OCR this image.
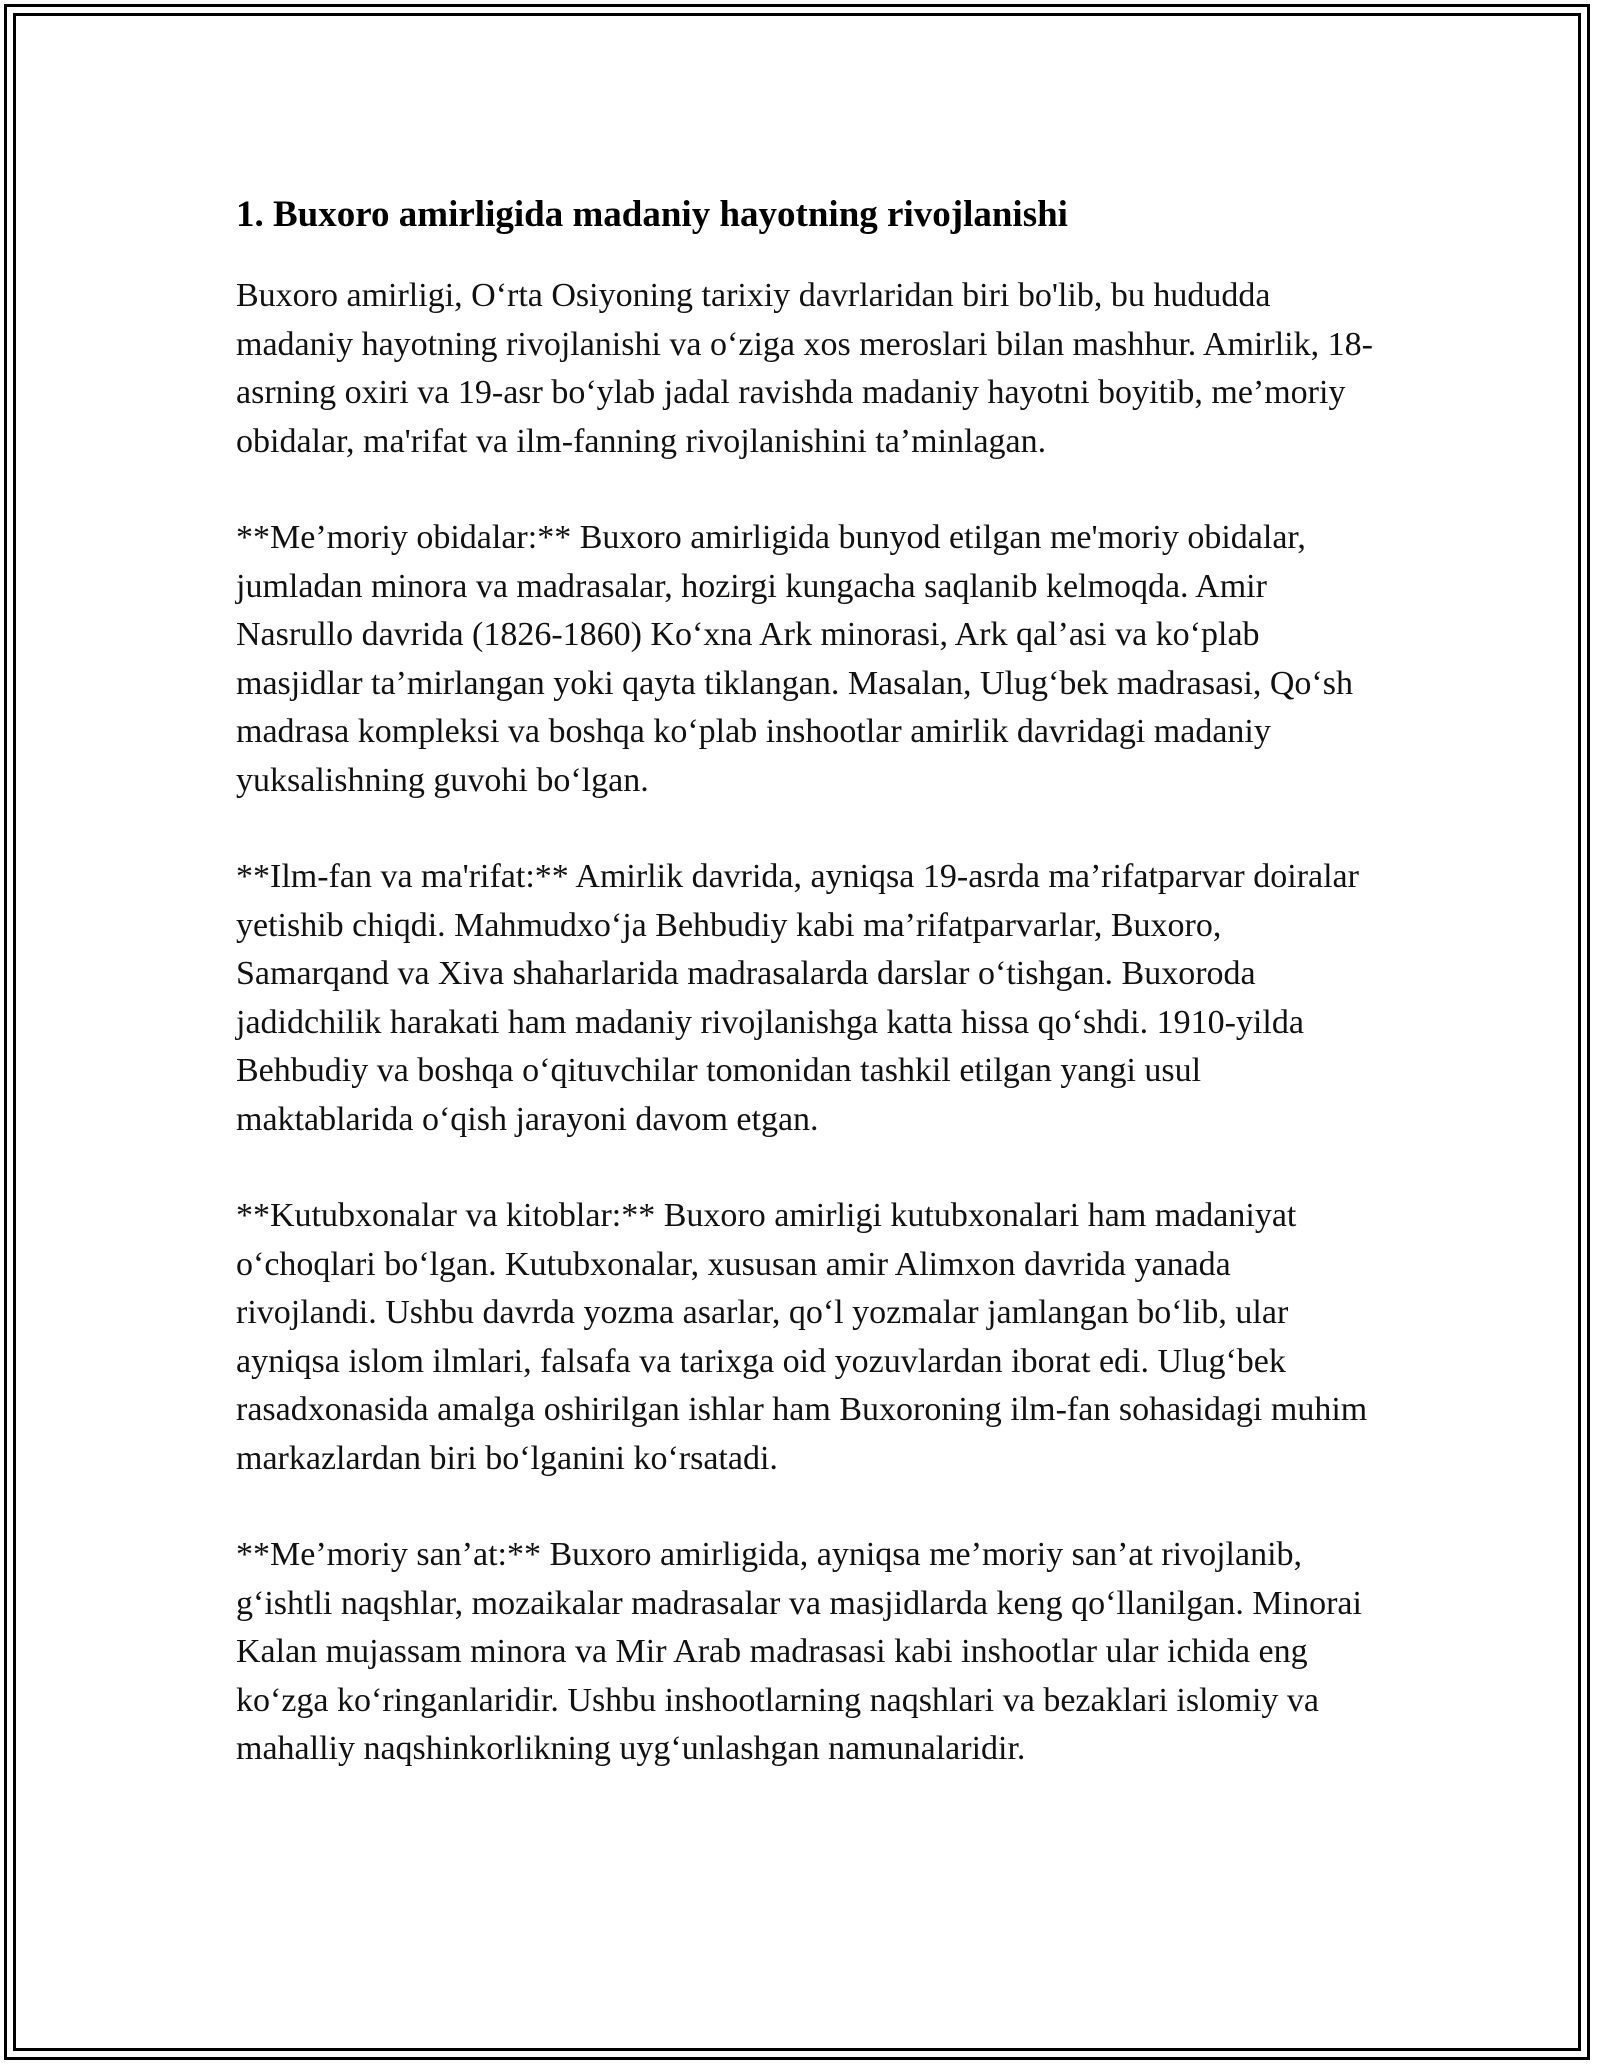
1. Buxoro amirligida madaniy hayotning rivojlanishi

Buxoro amirligi, O‘rta Osiyoning tarixiy davrlaridan biri bo'lib, bu hududda madaniy hayotning rivojlanishi va o‘ziga xos meroslari bilan mashhur. Amirlik, 18-asrning oxiri va 19-asr bo‘ylab jadal ravishda madaniy hayotni boyitib, me’moriy obidalar, ma'rifat va ilm-fanning rivojlanishini ta’minlagan.

**Me’moriy obidalar:** Buxoro amirligida bunyod etilgan me'moriy obidalar, jumladan minora va madrasalar, hozirgi kungacha saqlanib kelmoqda. Amir Nasrullo davrida (1826-1860) Ko‘xna Ark minorasi, Ark qal’asi va ko‘plab masjidlar ta’mirlangan yoki qayta tiklangan. Masalan, Ulug‘bek madrasasi, Qo‘sh madrasa kompleksi va boshqa ko‘plab inshootlar amirlik davridagi madaniy yuksalishning guvohi bo‘lgan.

**Ilm-fan va ma'rifat:** Amirlik davrida, ayniqsa 19-asrda ma’rifatparvar doiralar yetishib chiqdi. Mahmudxo‘ja Behbudiy kabi ma’rifatparvarlar, Buxoro, Samarqand va Xiva shaharlarida madrasalarda darslar o‘tishgan. Buxoroda jadidchilik harakati ham madaniy rivojlanishga katta hissa qo‘shdi. 1910-yilda Behbudiy va boshqa o‘qituvchilar tomonidan tashkil etilgan yangi usul maktablarida o‘qish jarayoni davom etgan.

**Kutubxonalar va kitoblar:** Buxoro amirligi kutubxonalari ham madaniyat o‘choqlari bo‘lgan. Kutubxonalar, xususan amir Alimxon davrida yanada rivojlandi. Ushbu davrda yozma asarlar, qo‘l yozmalar jamlangan bo‘lib, ular ayniqsa islom ilmlari, falsafa va tarixga oid yozuvlardan iborat edi. Ulug‘bek rasadxonasida amalga oshirilgan ishlar ham Buxoroning ilm-fan sohasidagi muhim markazlardan biri bo‘lganini ko‘rsatadi.

**Me’moriy san’at:** Buxoro amirligida, ayniqsa me’moriy san’at rivojlanib, g‘ishtli naqshlar, mozaikalar madrasalar va masjidlarda keng qo‘llanilgan. Minorai Kalan mujassam minora va Mir Arab madrasasi kabi inshootlar ular ichida eng ko‘zga ko‘ringanlaridir. Ushbu inshootlarning naqshlari va bezaklari islomiy va mahalliy naqshinkorlikning uyg‘unlashgan namunalaridir.
